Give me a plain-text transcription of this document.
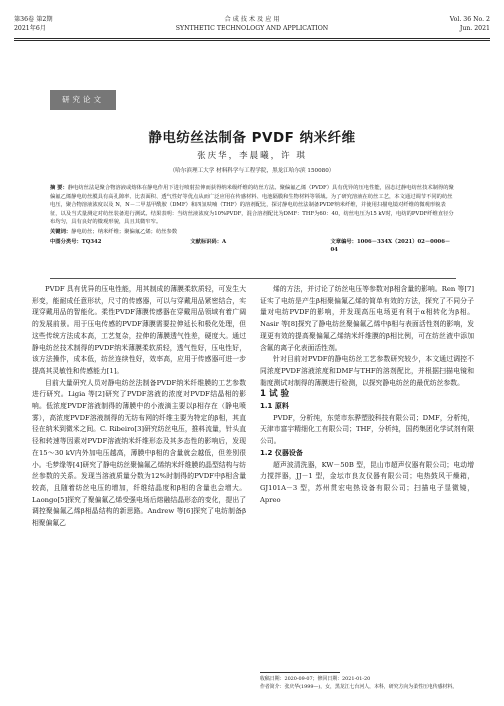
第36卷 第2期
2021年6月
合 成 技 术 及 应 用
SYNTHETIC TECHNOLOGY AND APPLICATION
Vol. 36 No. 2
Jun. 2021
研究论文
静电纺丝法制备 PVDF 纳米纤维
张庆华，李晨曦，许 琪
（哈尔滨理工大学 材料科学与工程学院，黑龙江哈尔滨 150080）
摘 要：静电纺丝法是聚合物溶液或熔体在静电作用下进行喷射拉伸而获得纳米级纤维的纺丝方法。聚偏氟乙烯（PVDF）具有优异的压电性能，固态过静电纺丝技术制得的聚偏氟乙烯静电纺丝膜具有高孔隙率、比表面积、透气性好等优点从而广泛应用在传感材料、电池隔膜和生物材料等领域。为了研究溶液在纺丝工艺，本文通过调节不同的纺丝电压，聚合物溶液浓度以及 N，N－二甲基甲酰胺（DMF）和四氢呋喃（THF）的溶剂配比，探讨静电纺丝法制备PVDF纳米纤维，并使用扫描电镜对纤维的微观形貌表征，以及当式量测定对纺丝装备进行测试。结果表明：当纺丝液浓度为10%PVDF，混合溶剂配比为DMF：THF为60：40，纺丝电压为15 kV时，电纺的PVDF纤维直径分布均匀，具有良好的微观形貌，具且其微窄窄。
关键词：静电纺丝；纳米纤维；聚偏氟乙烯；纺丝参数
中图分类号：TQ342	文献标识码：A	文章编号：1006－334X（2021）02－0006－04

PVDF 具有优异的压电性能，用其制成的薄膜柔软质轻，可发生大形变，能耐成任意形状，尺寸的传感器，可以与穿戴用品紧密结合，实现穿戴用品的智能化。柔性PVDF薄膜传感器在穿戴用品领域有着广阔的发展前景。用于压电传感的PVDF薄膜需要拉伸延长和极化处理，但这些传统方法成本高，工艺复杂，拉伸的薄膜透气性差，硬度大。通过静电纺丝技术制得的PVDF纳米薄膜柔软质轻，透气性好，压电性好，该方法操作，成本低，纺丝连续性好，效率高，应用于传感器可进一步提高其灵敏性和传感能力[1]。

目前大量研究人员对静电纺丝法制备PVDF纳米纤维膜的工艺参数进行研究。Ligia 等[2]研究了PVDF溶液的浓度对PVDF结晶相的影响。低浓度PVDF溶液制得的薄膜中的小液滴主要以β相存在（静电喷雾），高浓度PVDF溶液制得的无纺布网的纤维主要为特定的β相，其直径在纳米到微米之间。C. Ribeiro[3]研究纺丝电压，推料流量，针头直径和转速等因素对PVDF溶液纳米纤维形态及其多态性的影响后，发现在15～30 kV内外加电压越高，薄膜中β相的含量就会越低，但差别很小。毛梦缘等[4]研究了静电纺丝聚偏氟乙烯纳米纤维膜的晶型结构与纺丝参数的关系。发现当溶液质量分数为12%时制得的PVDF中β相含量较高，且随着纺丝电压的增加，纤维结晶度和β相的含量也会增大。Laongo[5]探究了聚偏氟乙烯受强电场后熔融结晶形态的变化，提出了调控聚偏氟乙烯β相晶结构的新思路。Andrew 等[6]探究了电纺制备β相聚偏氟乙

烯的方法，并讨论了纺丝电压等参数对β相含量的影响。Ren 等[7]证实了电纺是产生β相聚偏氟乙烯的简单有效的方法，探究了不同分子量对电纺PVDF的影响，并发现高压电场更有利于α相转化为β相。Nasir 等[8]探究了静电纺丝聚偏氟乙烯中β相与表面活性剂的影响，发现更有效的提高聚偏氟乙烯纳米纤维膜的β相比例，可在纺丝液中添加含氟的离子化表面活性剂。

针对目前对PVDF的静电纺丝工艺参数研究较少，本文通过调控不同浓度PVDF溶液浓度和DMF与THF的溶剂配比，并根据扫描电镜和黏度测试对制得的薄膜进行检测，以探究静电纺丝的最优纺丝参数。

1 试 验

1.1 原料

PVDF，分析纯，东莞市东骅塑胶科技有限公司；DMF，分析纯，天津市富宇精细化工有限公司；THF，分析纯，国药集团化学试剂有限公司。

1.2 仪器设备

超声波清洗器，KW－50B 型，昆山市超声仪器有限公司；电动增力搅拌器，JJ－1 型，金坛市良友仪器有限公司；电热鼓风干燥箱，GJ101A－3 型，苏州贯宏电热设备有限公司；扫描电子显微镜，Apreo

收稿日期：2020-09-07；修回日期：2021-01-20
作者简介：张庆华(1999—)，女，黑龙江七台河人，本科，研究方向为柔性压电传感材料。
